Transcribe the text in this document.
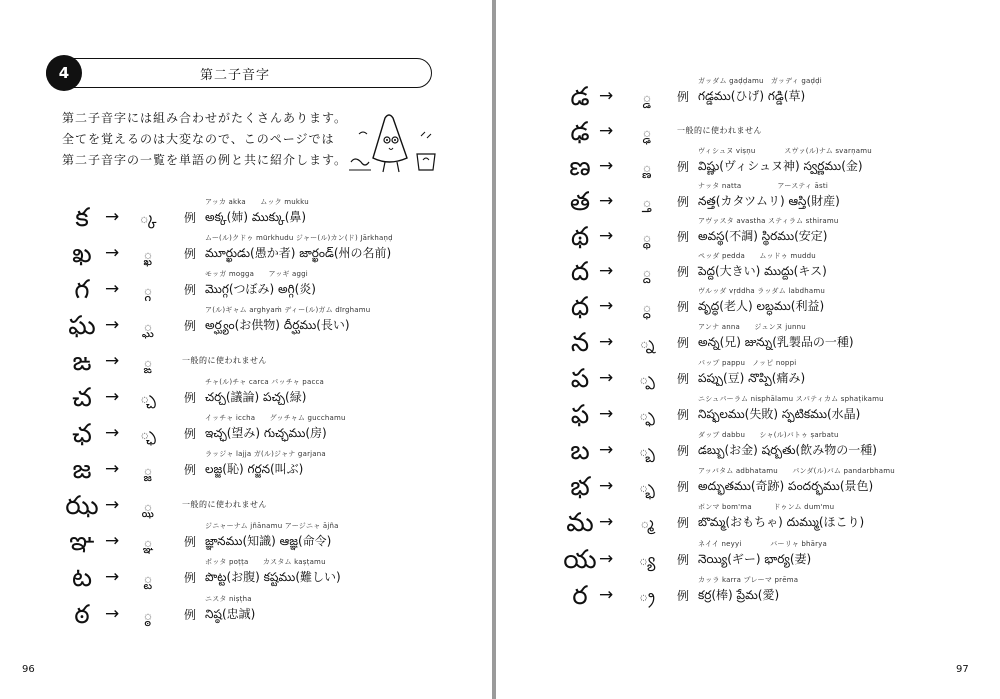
4	第二子音字
第二子音字には組み合わせがたくさんあります。
全てを覚えるのは大変なので、このページでは
第二子音字の一覧を単語の例と共に紹介します。
క →	్క	例
アッカ akka　　ムック mukku
అక్క(姉) ముక్కు(鼻)
ఖ →	్ఖ	例
ムー(ル)クドゥ mūrkhudu ジャー(ル)カン(ド) Jārkhaṇḍ
మూర్ఖుడు(愚か者) జార్ఖండ్(州の名前)
గ →	్గ	例
モッガ mogga　　アッギ aggi
మొగ్గ(つぼみ) అగ్గి(炎)
ఘ →	్ఘ	例
ア(ル)ギャム arghyaṁ ディー(ル)ガム dīrghamu
అర్ఘ్యం(お供物) దీర్ఘము(長い)
ఙ →	్ఙ	一般的に使われません
చ →	్చ	例
チャ(ル)チャ carca パッチャ pacca
చర్చ(議論) పచ్చ(緑)
ఛ →	్ఛ	例
イッチャ iccha　　グッチャム gucchamu
ఇచ్ఛ(望み) గుచ్ఛము(房)
జ →	్జ	例
ラッジャ lajja ガ(ル)ジャナ garjana
లజ్జ(恥) గర్జన(叫ぶ)
ఝ →	్ఝ	一般的に使われません
ఞ →	్ఞ	例
ジニャーナム jñānamu アージニャ ājña
జ్ఞానము(知識) ఆజ్ఞ(命令)
ట →	్ట	例
ポッタ poṭṭa　　カスタム kaṣṭamu
పొట్ట(お腹) కష్టము(難しい)
ఠ →	్ఠ	例
ニスタ niṣṭha
నిష్ఠ(忠誠)
96
డ →	్డ	例
ガッダム gaḍḍamu　ガッディ gaḍḍi
గడ్డము(ひげ) గడ్డి(草)
ఢ →	్ఢ	一般的に使われません
ణ →	్ణ	例
ヴィシュヌ viṣṇu　　　　スヴァ(ル)ナム svarṇamu
విష్ణు(ヴィシュヌ神) స్వర్ణము(金)
త →	్త	例
ナッタ natta　　　　　アースティ āsti
నత్త(カタツムリ) ఆస్తి(財産)
థ →	్థ	例
アヴァスタ avastha スティラム sthiramu
అవస్థ(不調) స్థిరము(安定)
ద →	్ద	例
ペッダ pedda　　ムッドゥ muddu
పెద్ద(大きい) ముద్దు(キス)
ధ →	్ధ	例
ヴルッダ vṛddha ラッダム labdhamu
వృద్ధ(老人) లబ్ధము(利益)
న →	్న	例
アンナ anna　　ジュンヌ junnu
అన్న(兄) జున్ను(乳製品の一種)
ప →	్ప	例
パップ pappu　ノッピ noppi
పప్పు(豆) నొప్పి(痛み)
ఫ →	్ఫ	例
ニシュパーラム nisphālamu スパティカム sphaṭikamu
నిష్ఫలము(失敗) స్ఫటికము(水晶)
బ →	్బ	例
ダッブ dabbu　　シャ(ル)バトゥ ṣarbatu
డబ్బు(お金) షర్బతు(飲み物の一種)
భ →	్భ	例
アッバタム adbhatamu　　パンダ(ル)バム pandarbhamu
అద్భుతము(奇跡) పందర్భము(景色)
మ →	్మ	例
ボンマ bom'ma　　　ドゥンム dum'mu
బొమ్మ(おもちゃ) దుమ్ము(ほこり)
య →	్య	例
ネイイ neyyi　　　　バーリャ bhārya
నెయ్యి(ギー) భార్య(妻)
ర →	్ర	例
カッラ karra プレーマ prēma
కర్ర(棒) ప్రేమ(愛)
97
